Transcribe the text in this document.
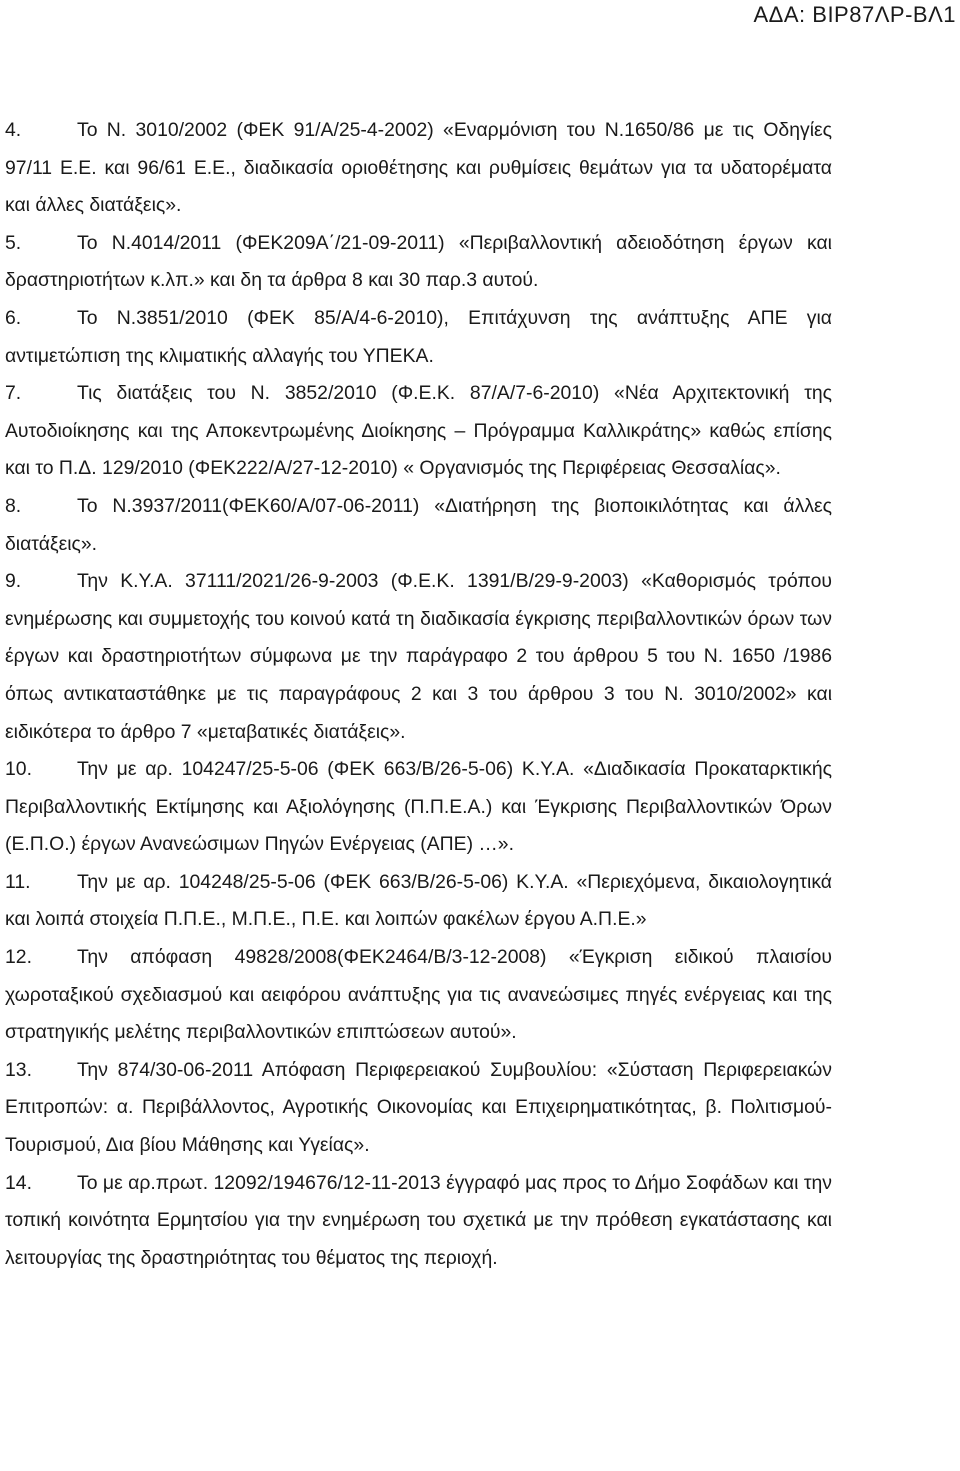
ΑΔΑ: ΒΙΡ87ΛΡ-ΒΛ1

4.	Το Ν. 3010/2002 (ΦΕΚ 91/Α/25-4-2002) «Εναρμόνιση του Ν.1650/86 με τις Οδηγίες 97/11 Ε.Ε. και 96/61 Ε.Ε., διαδικασία οριοθέτησης και ρυθμίσεις θεμάτων για τα υδατορέματα και άλλες διατάξεις».

5.	Το Ν.4014/2011 (ΦΕΚ209Α΄/21-09-2011) «Περιβαλλοντική αδειοδότηση έργων και δραστηριοτήτων κ.λπ.» και δη τα άρθρα 8 και 30 παρ.3 αυτού.

6.	Το Ν.3851/2010 (ΦΕΚ 85/Α/4-6-2010), Επιτάχυνση της ανάπτυξης ΑΠΕ για αντιμετώπιση της κλιματικής αλλαγής του ΥΠΕΚΑ.

7.	Τις διατάξεις του Ν. 3852/2010 (Φ.Ε.Κ. 87/Α/7-6-2010) «Νέα Αρχιτεκτονική της Αυτοδιοίκησης και της Αποκεντρωμένης Διοίκησης – Πρόγραμμα Καλλικράτης» καθώς επίσης και το Π.Δ. 129/2010 (ΦΕΚ222/Α/27-12-2010) « Οργανισμός της Περιφέρειας Θεσσαλίας».

8.	Το Ν.3937/2011(ΦΕΚ60/Α/07-06-2011) «Διατήρηση της βιοποικιλότητας και άλλες διατάξεις».

9.	Την Κ.Υ.Α. 37111/2021/26-9-2003 (Φ.Ε.Κ. 1391/Β/29-9-2003) «Καθορισμός τρόπου ενημέρωσης και συμμετοχής του κοινού κατά τη διαδικασία έγκρισης περιβαλλοντικών όρων των έργων και δραστηριοτήτων σύμφωνα με την παράγραφο 2 του άρθρου 5 του Ν. 1650 /1986 όπως αντικαταστάθηκε με τις παραγράφους 2 και 3 του άρθρου 3 του Ν. 3010/2002» και ειδικότερα το άρθρο 7 «μεταβατικές διατάξεις».

10. Την με αρ. 104247/25-5-06 (ΦΕΚ 663/Β/26-5-06) Κ.Υ.Α. «Διαδικασία Προκαταρκτικής Περιβαλλοντικής Εκτίμησης και Αξιολόγησης (Π.Π.Ε.Α.) και Έγκρισης Περιβαλλοντικών Όρων (Ε.Π.Ο.) έργων Ανανεώσιμων Πηγών Ενέργειας (ΑΠΕ) …».

11. Την με αρ. 104248/25-5-06 (ΦΕΚ 663/Β/26-5-06) Κ.Υ.Α. «Περιεχόμενα, δικαιολογητικά και λοιπά στοιχεία Π.Π.Ε., Μ.Π.Ε., Π.Ε. και λοιπών φακέλων έργου Α.Π.Ε.»

12. Την απόφαση 49828/2008(ΦΕΚ2464/Β/3-12-2008) «Έγκριση ειδικού πλαισίου χωροταξικού σχεδιασμού και αειφόρου ανάπτυξης για τις ανανεώσιμες πηγές ενέργειας και της στρατηγικής μελέτης περιβαλλοντικών επιπτώσεων αυτού».

13. Την 874/30-06-2011 Απόφαση Περιφερειακού Συμβουλίου: «Σύσταση Περιφερειακών Επιτροπών: α. Περιβάλλοντος, Αγροτικής Οικονομίας και Επιχειρηματικότητας, β. Πολιτισμού-Τουρισμού, Δια βίου Μάθησης και Υγείας».

14. Το με αρ.πρωτ. 12092/194676/12-11-2013 έγγραφό μας προς το Δήμο Σοφάδων και την τοπική κοινότητα Ερμητσίου για την ενημέρωση του σχετικά με την πρόθεση εγκατάστασης και λειτουργίας της δραστηριότητας του θέματος της περιοχή.
